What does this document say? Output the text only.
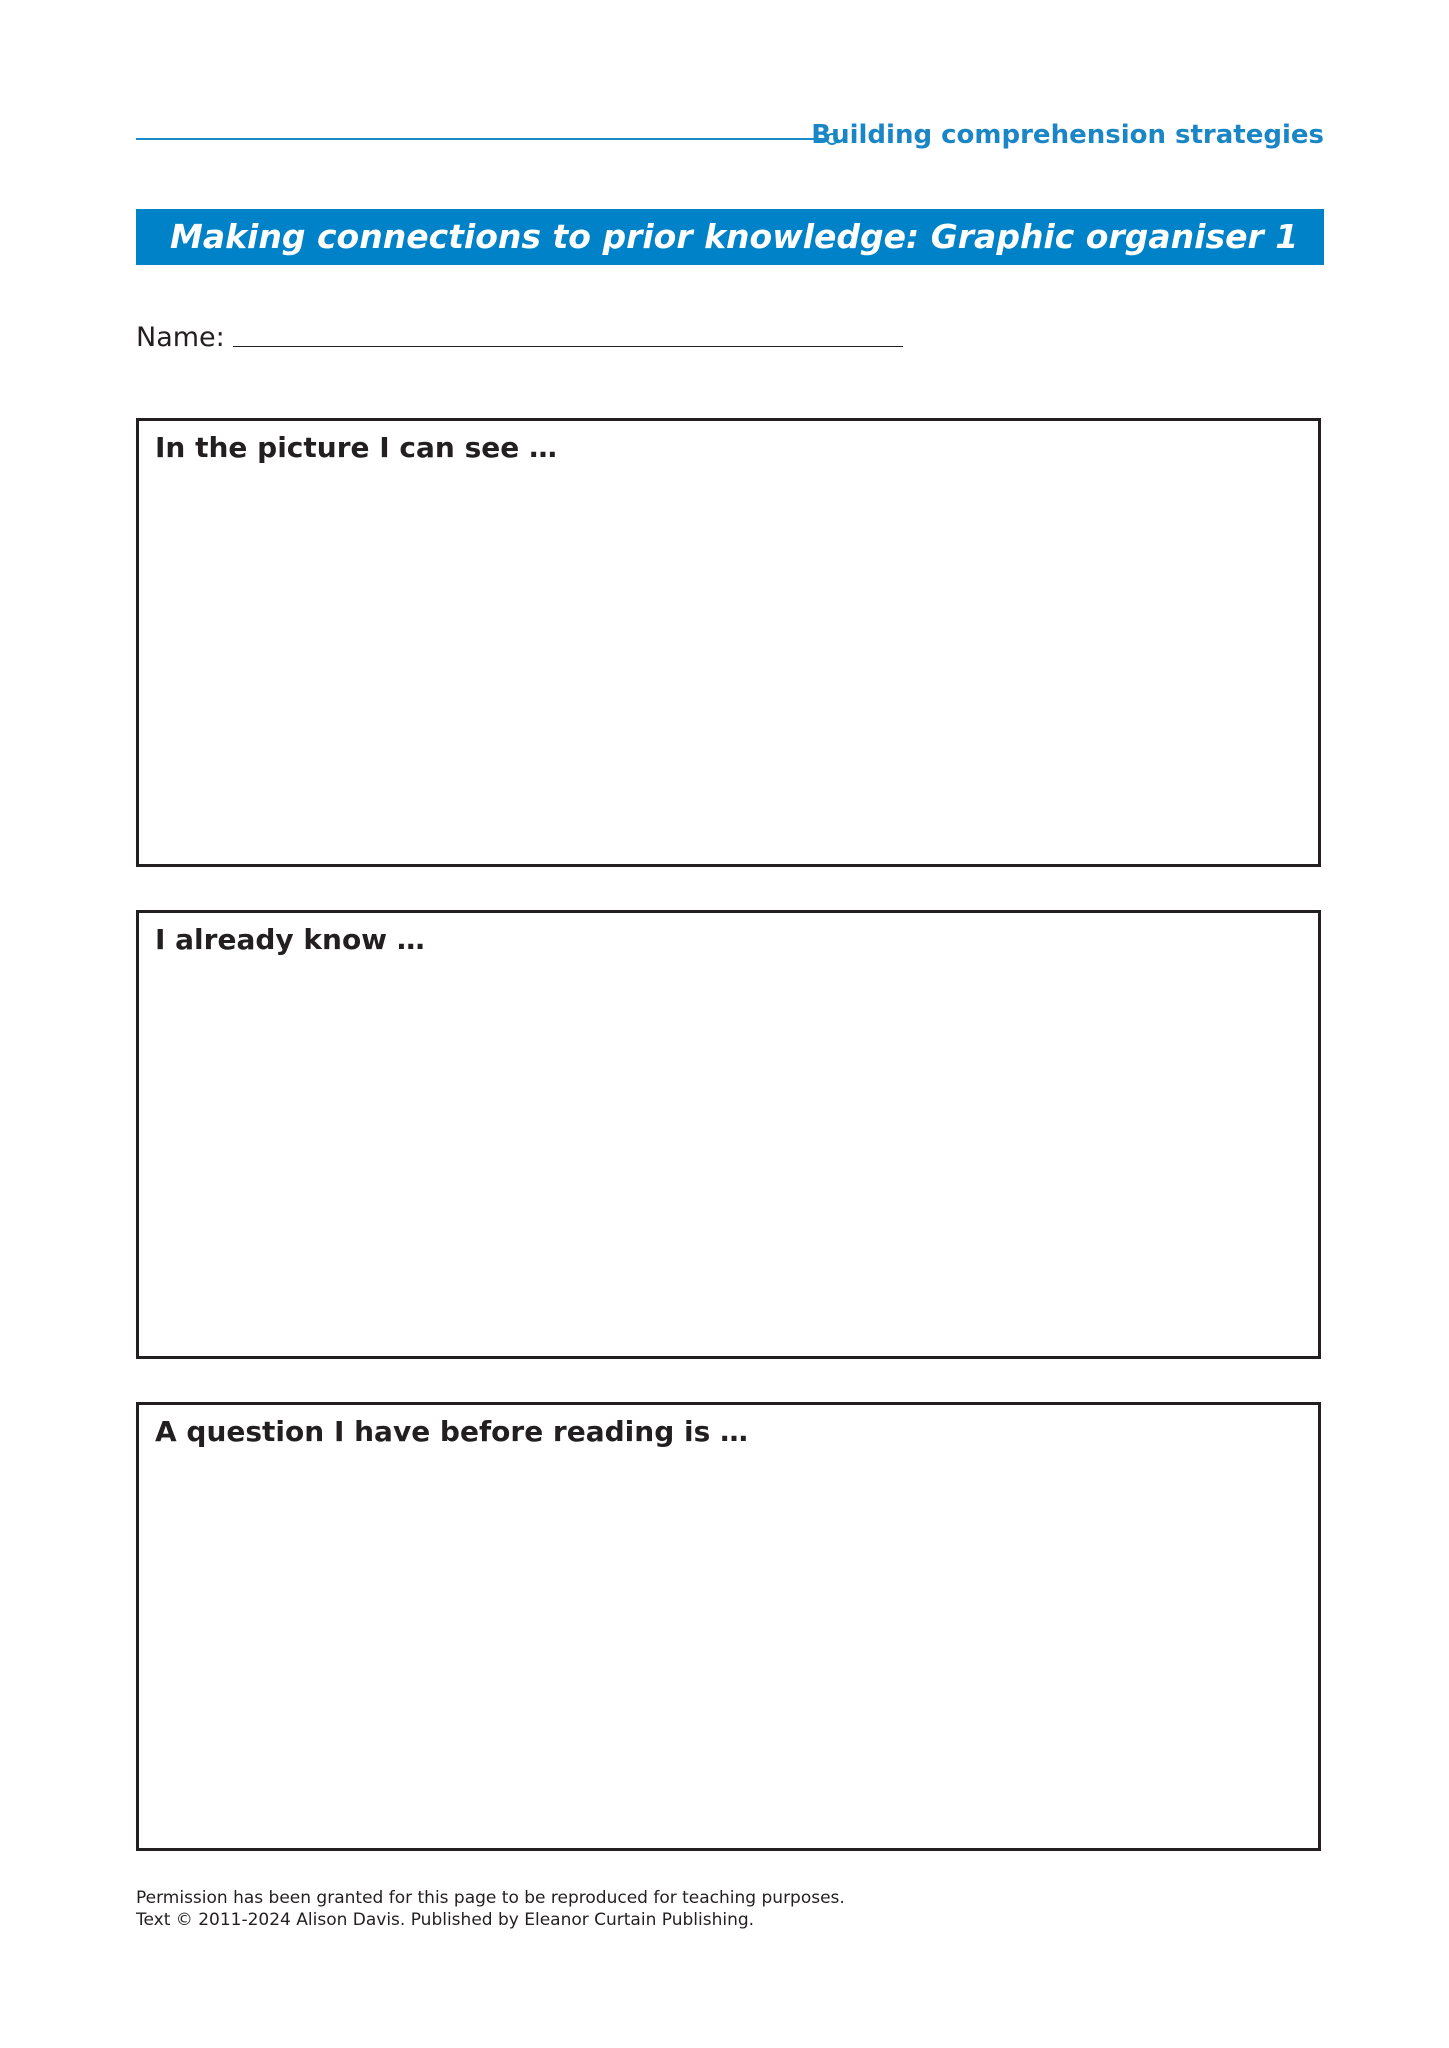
Building comprehension strategies
Making connections to prior knowledge: Graphic organiser 1
Name:
In the picture I can see …
I already know …
A question I have before reading is …
Permission has been granted for this page to be reproduced for teaching purposes.
Text © 2011-2024 Alison Davis. Published by Eleanor Curtain Publishing.
